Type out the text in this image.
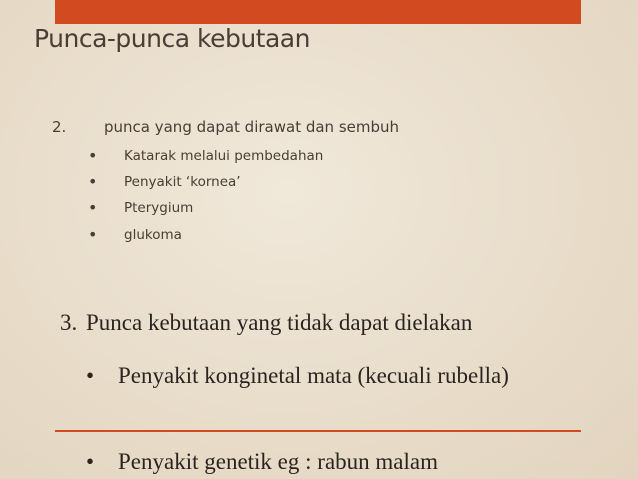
Punca-punca kebutaan
2.	punca yang dapat dirawat dan sembuh
• Katarak melalui pembedahan
• Penyakit ‘kornea’
• Pterygium
• glukoma
3. Punca kebutaan yang tidak dapat dielakan
• Penyakit konginetal mata (kecuali rubella)
• Penyakit genetik eg : rabun malam
